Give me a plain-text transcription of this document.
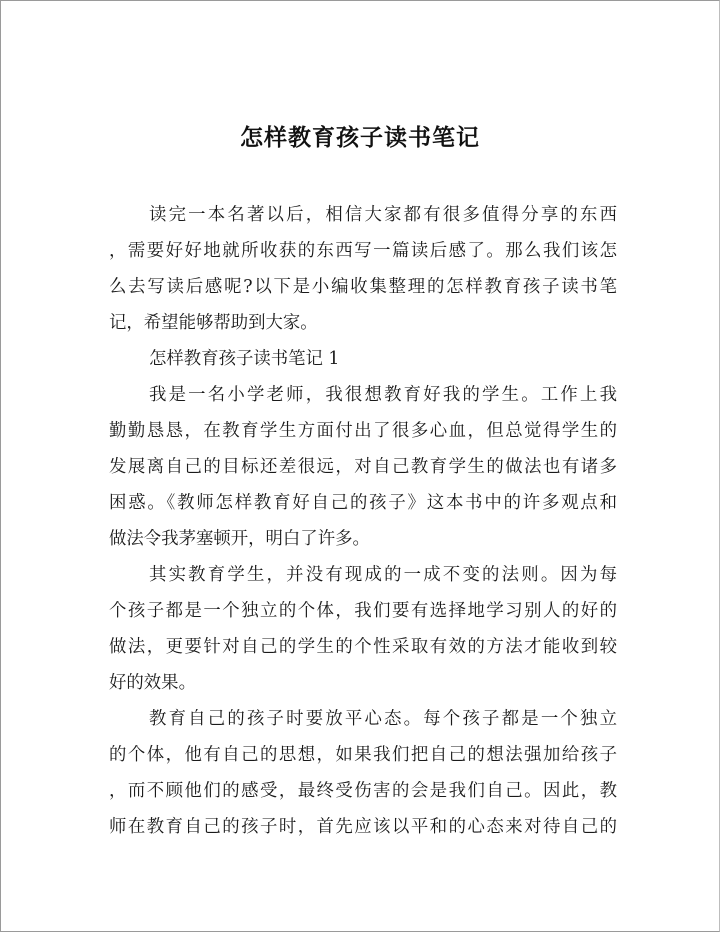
怎样教育孩子读书笔记
读完一本名著以后，相信大家都有很多值得分享的东西
，需要好好地就所收获的东西写一篇读后感了。那么我们该怎
么去写读后感呢?以下是小编收集整理的怎样教育孩子读书笔
记，希望能够帮助到大家。
怎样教育孩子读书笔记 1
我是一名小学老师，我很想教育好我的学生。工作上我
勤勤恳恳，在教育学生方面付出了很多心血，但总觉得学生的
发展离自己的目标还差很远，对自己教育学生的做法也有诸多
困惑。《教师怎样教育好自己的孩子》这本书中的许多观点和
做法令我茅塞顿开，明白了许多。
其实教育学生，并没有现成的一成不变的法则。因为每
个孩子都是一个独立的个体，我们要有选择地学习别人的好的
做法，更要针对自己的学生的个性采取有效的方法才能收到较
好的效果。
教育自己的孩子时要放平心态。每个孩子都是一个独立
的个体，他有自己的思想，如果我们把自己的想法强加给孩子
，而不顾他们的感受，最终受伤害的会是我们自己。因此，教
师在教育自己的孩子时，首先应该以平和的心态来对待自己的
